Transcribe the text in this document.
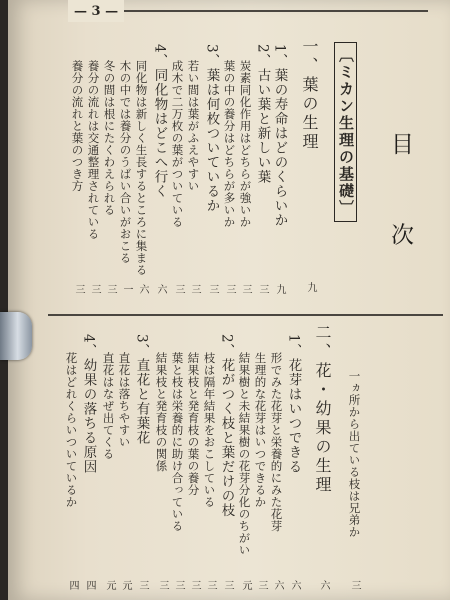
— 3 —
目 次
〔ミカン生理の基礎〕
一、葉の生理
九
1、葉の寿命はどのくらいか
九
2、古い葉と新しい葉
三
炭素同化作用はどちらが強いか
三
葉の中の養分はどちらが多いか
三
3、葉は何枚ついているか
三
若い間は葉がふえやすい
三
成木で二万枚の葉がついている
三
4、同化物はどこへ行く
六
同化物は新しく生長するところに集まる
六
木の中では養分のうばい合いがおこる
一
冬の間は根にたくわえられる
三
養分の流れは交通整理されている
三
養分の流れと葉のつき方
三
一ヵ所から出ている枝は兄弟か
三
二、花・幼果の生理
六
1、花芽はいつできる
六
形でみた花芽と栄養的にみた花芽
六
生理的な花芽はいつできるか
三
結果樹と未結果樹の花芽分化のちがい
元
2、花がつく枝と葉だけの枝
三
枝は隔年結果をおこしている
三
結果枝と発育枝の葉の養分
三
葉と枝は栄養的に助け合っている
三
結果枝と発育枝の関係
三
3、直花と有葉花
三
直花は落ちやすい
元
直花はなぜ出てくる
元
4、幼果の落ちる原因
四
花はどれくらいついているか
四
